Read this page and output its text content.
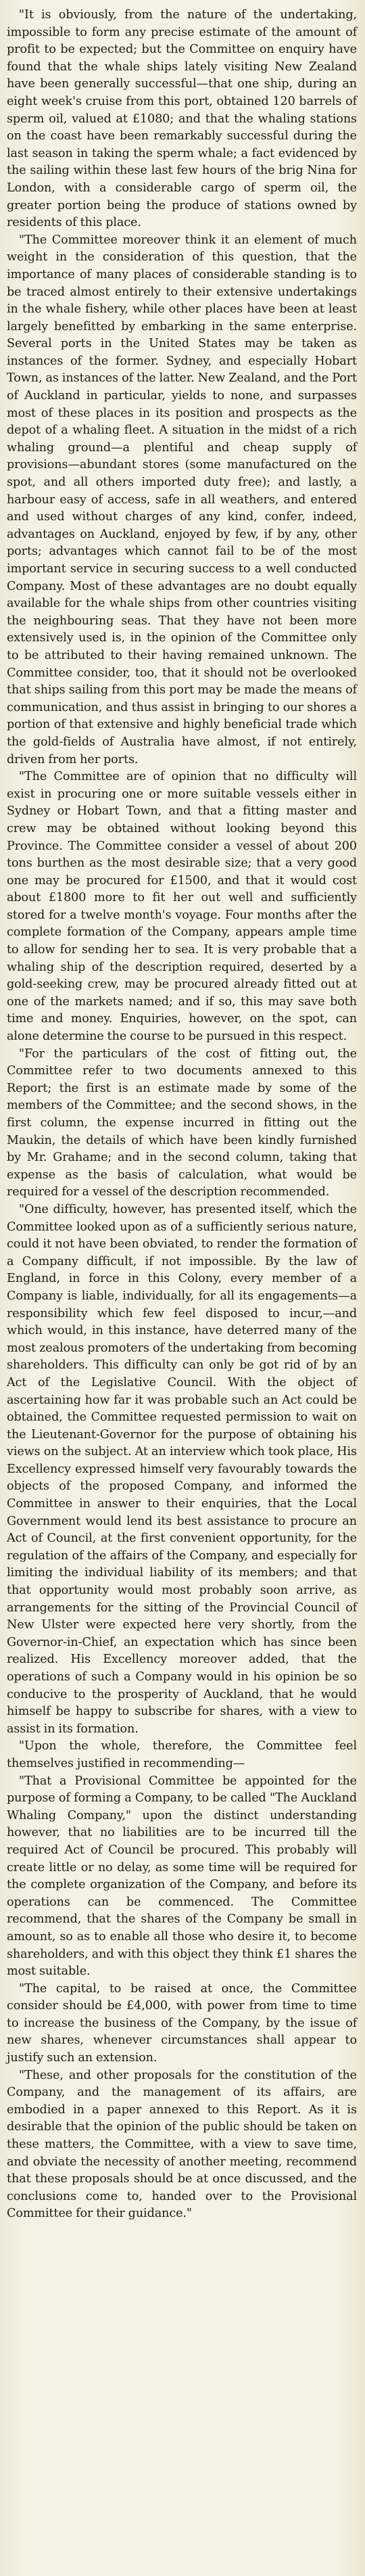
"It is obviously, from the nature of the undertaking, impossible to form any precise estimate of the amount of profit to be expected; but the Committee on enquiry have found that the whale ships lately visiting New Zealand have been generally successful—that one ship, during an eight week's cruise from this port, obtained 120 barrels of sperm oil, valued at £1080; and that the whaling stations on the coast have been remarkably successful during the last season in taking the sperm whale; a fact evidenced by the sailing within these last few hours of the brig Nina for London, with a considerable cargo of sperm oil, the greater portion being the produce of stations owned by residents of this place.

"The Committee moreover think it an element of much weight in the consideration of this question, that the importance of many places of considerable standing is to be traced almost entirely to their extensive undertakings in the whale fishery, while other places have been at least largely benefitted by embarking in the same enterprise. Several ports in the United States may be taken as instances of the former. Sydney, and especially Hobart Town, as instances of the latter. New Zealand, and the Port of Auckland in particular, yields to none, and surpasses most of these places in its position and prospects as the depot of a whaling fleet. A situation in the midst of a rich whaling ground—a plentiful and cheap supply of provisions—abundant stores (some manufactured on the spot, and all others imported duty free); and lastly, a harbour easy of access, safe in all weathers, and entered and used without charges of any kind, confer, indeed, advantages on Auckland, enjoyed by few, if by any, other ports; advantages which cannot fail to be of the most important service in securing success to a well conducted Company. Most of these advantages are no doubt equally available for the whale ships from other countries visiting the neighbouring seas. That they have not been more extensively used is, in the opinion of the Committee only to be attributed to their having remained unknown. The Committee consider, too, that it should not be overlooked that ships sailing from this port may be made the means of communication, and thus assist in bringing to our shores a portion of that extensive and highly beneficial trade which the gold-fields of Australia have almost, if not entirely, driven from her ports.

"The Committee are of opinion that no difficulty will exist in procuring one or more suitable vessels either in Sydney or Hobart Town, and that a fitting master and crew may be obtained without looking beyond this Province. The Committee consider a vessel of about 200 tons burthen as the most desirable size; that a very good one may be procured for £1500, and that it would cost about £1800 more to fit her out well and sufficiently stored for a twelve month's voyage. Four months after the complete formation of the Company, appears ample time to allow for sending her to sea. It is very probable that a whaling ship of the description required, deserted by a gold-seeking crew, may be procured already fitted out at one of the markets named; and if so, this may save both time and money. Enquiries, however, on the spot, can alone determine the course to be pursued in this respect.

"For the particulars of the cost of fitting out, the Committee refer to two documents annexed to this Report; the first is an estimate made by some of the members of the Committee; and the second shows, in the first column, the expense incurred in fitting out the Maukin, the details of which have been kindly furnished by Mr. Grahame; and in the second column, taking that expense as the basis of calculation, what would be required for a vessel of the description recommended.

"One difficulty, however, has presented itself, which the Committee looked upon as of a sufficiently serious nature, could it not have been obviated, to render the formation of a Company difficult, if not impossible. By the law of England, in force in this Colony, every member of a Company is liable, individually, for all its engagements—a responsibility which few feel disposed to incur,—and which would, in this instance, have deterred many of the most zealous promoters of the undertaking from becoming shareholders. This difficulty can only be got rid of by an Act of the Legislative Council. With the object of ascertaining how far it was probable such an Act could be obtained, the Committee requested permission to wait on the Lieutenant-Governor for the purpose of obtaining his views on the subject. At an interview which took place, His Excellency expressed himself very favourably towards the objects of the proposed Company, and informed the Committee in answer to their enquiries, that the Local Government would lend its best assistance to procure an Act of Council, at the first convenient opportunity, for the regulation of the affairs of the Company, and especially for limiting the individual liability of its members; and that that opportunity would most probably soon arrive, as arrangements for the sitting of the Provincial Council of New Ulster were expected here very shortly, from the Governor-in-Chief, an expectation which has since been realized. His Excellency moreover added, that the operations of such a Company would in his opinion be so conducive to the prosperity of Auckland, that he would himself be happy to subscribe for shares, with a view to assist in its formation.

"Upon the whole, therefore, the Committee feel themselves justified in recommending—

"That a Provisional Committee be appointed for the purpose of forming a Company, to be called "The Auckland Whaling Company," upon the distinct understanding however, that no liabilities are to be incurred till the required Act of Council be procured. This probably will create little or no delay, as some time will be required for the complete organization of the Company, and before its operations can be commenced. The Committee recommend, that the shares of the Company be small in amount, so as to enable all those who desire it, to become shareholders, and with this object they think £1 shares the most suitable.

"The capital, to be raised at once, the Committee consider should be £4,000, with power from time to time to increase the business of the Company, by the issue of new shares, whenever circumstances shall appear to justify such an extension.

"These, and other proposals for the constitution of the Company, and the management of its affairs, are embodied in a paper annexed to this Report. As it is desirable that the opinion of the public should be taken on these matters, the Committee, with a view to save time, and obviate the necessity of another meeting, recommend that these proposals should be at once discussed, and the conclusions come to, handed over to the Provisional Committee for their guidance."
